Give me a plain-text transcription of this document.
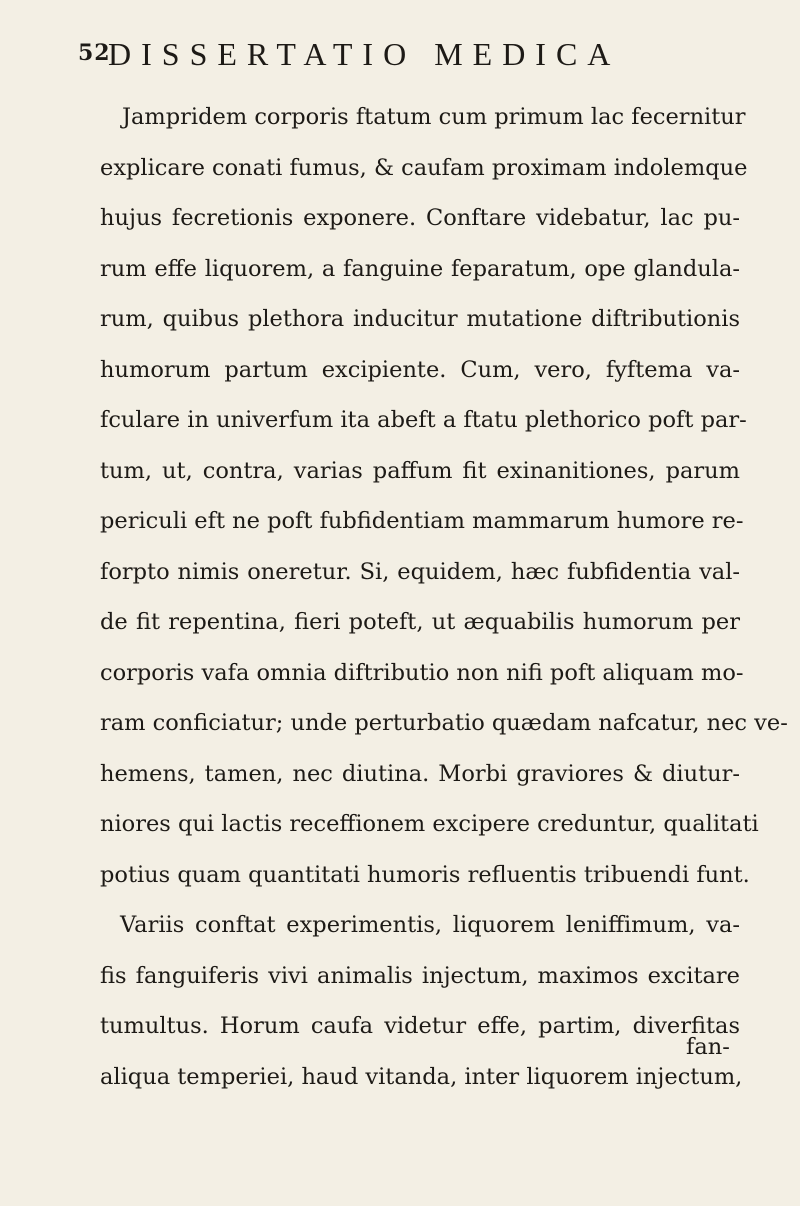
52
DISSERTATIO MEDICA
Jampridem corporis ftatum cum primum lac fecernitur
explicare conati fumus, & caufam proximam indolemque
hujus fecretionis exponere. Conftare videbatur, lac pu-
rum effe liquorem, a fanguine feparatum, ope glandula-
rum, quibus plethora inducitur mutatione diftributionis
humorum partum excipiente. Cum, vero, fyftema va-
fculare in univerfum ita abeft a ftatu plethorico poft par-
tum, ut, contra, varias paffum fit exinanitiones, parum
periculi eft ne poft fubfidentiam mammarum humore re-
forpto nimis oneretur. Si, equidem, hæc fubfidentia val-
de fit repentina, fieri poteft, ut æquabilis humorum per
corporis vafa omnia diftributio non nifi poft aliquam mo-
ram conficiatur; unde perturbatio quædam nafcatur, nec ve-
hemens, tamen, nec diutina. Morbi graviores & diutur-
niores qui lactis receffionem excipere creduntur, qualitati
potius quam quantitati humoris refluentis tribuendi funt.
Variis conftat experimentis, liquorem leniffimum, va-
fis fanguiferis vivi animalis injectum, maximos excitare
tumultus. Horum caufa videtur effe, partim, diverfitas
aliqua temperiei, haud vitanda, inter liquorem injectum,
fan-
